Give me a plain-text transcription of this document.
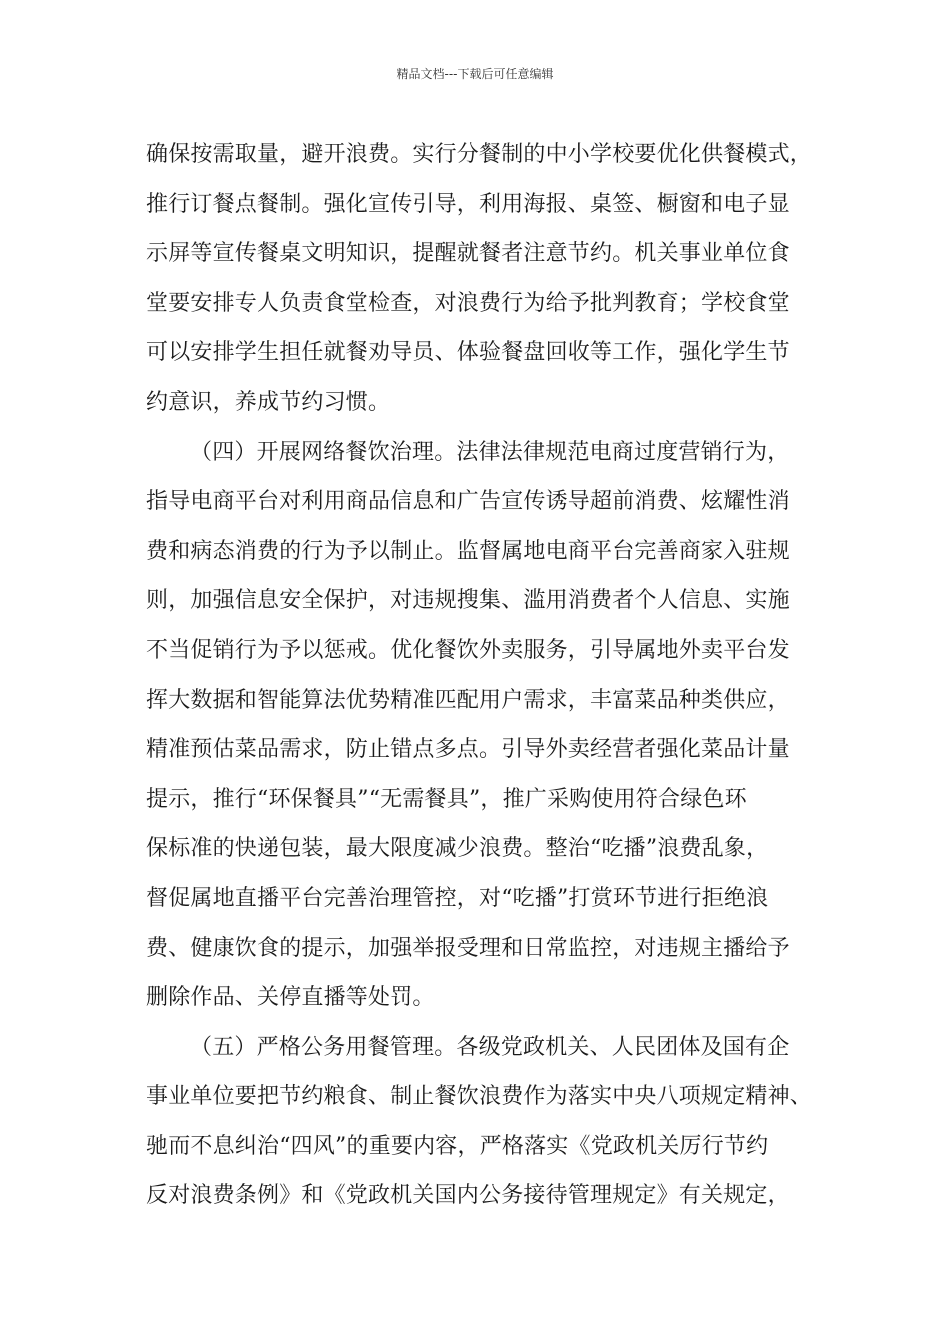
精品文档---下载后可任意编辑
确保按需取量，避开浪费。实行分餐制的中小学校要优化供餐模式，
推行订餐点餐制。强化宣传引导，利用海报、桌签、橱窗和电子显
示屏等宣传餐桌文明知识，提醒就餐者注意节约。机关事业单位食
堂要安排专人负责食堂检查，对浪费行为给予批判教育；学校食堂
可以安排学生担任就餐劝导员、体验餐盘回收等工作，强化学生节
约意识，养成节约习惯。
（四）开展网络餐饮治理。法律法律规范电商过度营销行为，
指导电商平台对利用商品信息和广告宣传诱导超前消费、炫耀性消
费和病态消费的行为予以制止。监督属地电商平台完善商家入驻规
则，加强信息安全保护，对违规搜集、滥用消费者个人信息、实施
不当促销行为予以惩戒。优化餐饮外卖服务，引导属地外卖平台发
挥大数据和智能算法优势精准匹配用户需求，丰富菜品种类供应，
精准预估菜品需求，防止错点多点。引导外卖经营者强化菜品计量
提示，推行“环保餐具”“无需餐具”，推广采购使用符合绿色环
保标准的快递包装，最大限度减少浪费。整治“吃播”浪费乱象，
督促属地直播平台完善治理管控，对“吃播”打赏环节进行拒绝浪
费、健康饮食的提示，加强举报受理和日常监控，对违规主播给予
删除作品、关停直播等处罚。
（五）严格公务用餐管理。各级党政机关、人民团体及国有企
事业单位要把节约粮食、制止餐饮浪费作为落实中央八项规定精神、
驰而不息纠治“四风”的重要内容，严格落实《党政机关厉行节约
反对浪费条例》和《党政机关国内公务接待管理规定》有关规定，
